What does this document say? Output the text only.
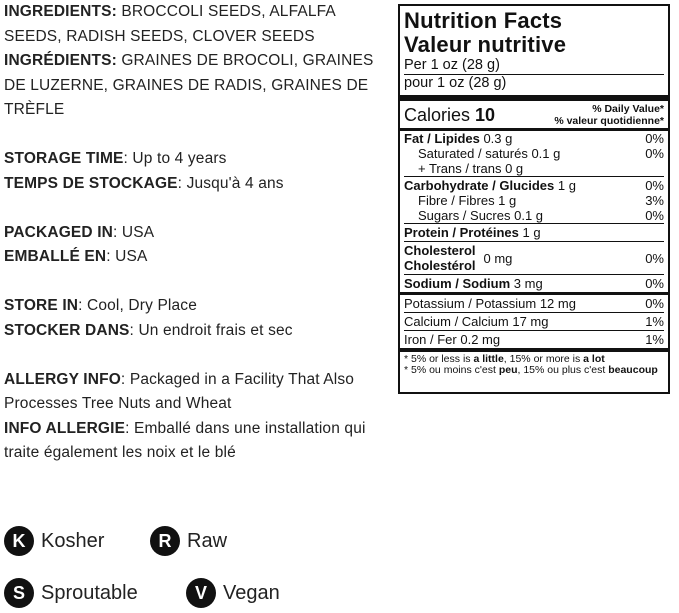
INGREDIENTS: BROCCOLI SEEDS, ALFALFA SEEDS, RADISH SEEDS, CLOVER SEEDS

INGRÉDIENTS: GRAINES DE BROCOLI, GRAINES DE LUZERNE, GRAINES DE RADIS, GRAINES DE TRÈFLE

STORAGE TIME: Up to 4 years

TEMPS DE STOCKAGE: Jusqu'à 4 ans

PACKAGED IN: USA

EMBALLÉ EN: USA

STORE IN: Cool, Dry Place

STOCKER DANS: Un endroit frais et sec

ALLERGY INFO: Packaged in a Facility That Also Processes Tree Nuts and Wheat

INFO ALLERGIE: Emballé dans une installation qui traite également les noix et le blé

K Kosher	R Raw
S Sproutable	V Vegan
Nutrition Facts
Valeur nutritive
Per 1 oz (28 g)
pour 1 oz (28 g)
Calories 10	% Daily Value*
% valeur quotidienne*
Fat / Lipides 0.3 g	0%
Saturated / saturés 0.1 g	0%
+ Trans / trans 0 g
Carbohydrate / Glucides 1 g	0%
Fibre / Fibres 1 g	3%
Sugars / Sucres 0.1 g	0%
Protein / Protéines 1 g
Cholesterol
Cholestérol 0 mg	0%
Sodium / Sodium 3 mg	0%
Potassium / Potassium 12 mg	0%
Calcium / Calcium 17 mg	1%
Iron / Fer 0.2 mg	1%
* 5% or less is a little, 15% or more is a lot
* 5% ou moins c'est peu, 15% ou plus c'est beaucoup
